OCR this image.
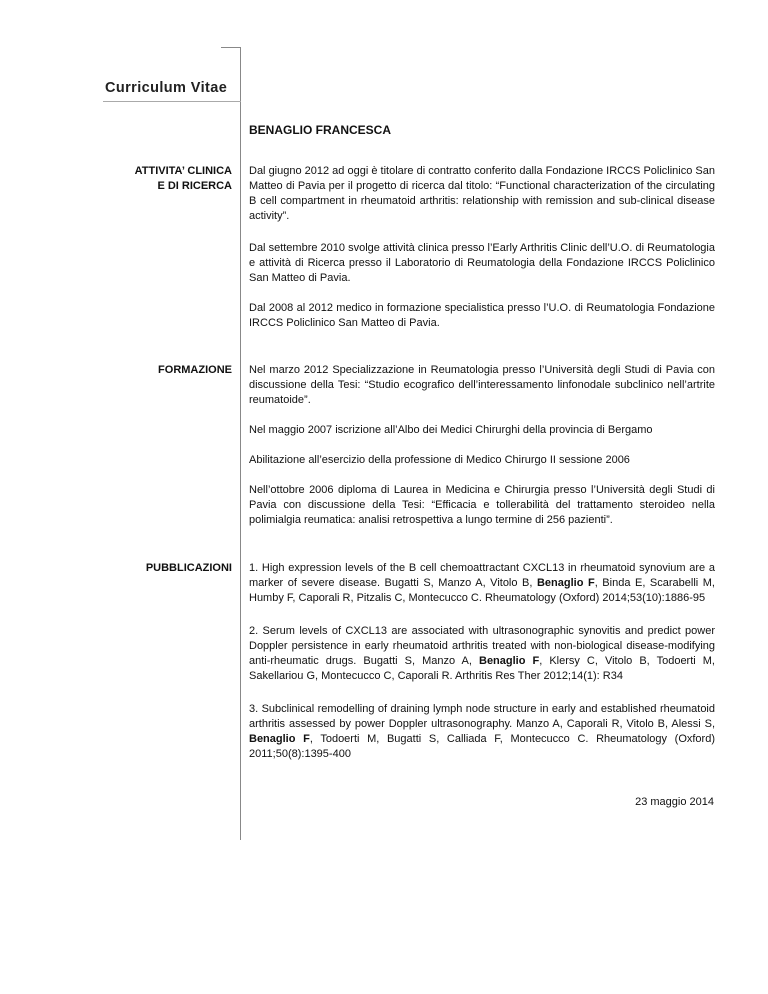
Curriculum Vitae
BENAGLIO FRANCESCA
ATTIVITA’ CLINICA
E DI RICERCA

Dal giugno 2012 ad oggi è titolare di contratto conferito dalla Fondazione IRCCS Policlinico San Matteo di Pavia per il progetto di ricerca dal titolo: “Functional characterization of the circulating B cell compartment in rheumatoid arthritis: relationship with remission and sub-clinical disease activity”.

Dal settembre 2010 svolge attività clinica presso l’Early Arthritis Clinic dell’U.O. di Reumatologia e attività di Ricerca presso il Laboratorio di Reumatologia della Fondazione IRCCS Policlinico San Matteo di Pavia.

Dal 2008 al 2012 medico in formazione specialistica presso l’U.O. di Reumatologia Fondazione IRCCS Policlinico San Matteo di Pavia.

FORMAZIONE Nel marzo 2012 Specializzazione in Reumatologia presso l’Università degli Studi di Pavia con discussione della Tesi: “Studio ecografico dell’interessamento linfonodale subclinico nell’artrite reumatoide”.

Nel maggio 2007 iscrizione all’Albo dei Medici Chirurghi della provincia di Bergamo

Abilitazione all’esercizio della professione di Medico Chirurgo II sessione 2006

Nell’ottobre 2006 diploma di Laurea in Medicina e Chirurgia presso l’Università degli Studi di Pavia con discussione della Tesi: “Efficacia e tollerabilità del trattamento steroideo nella polimialgia reumatica: analisi retrospettiva a lungo termine di 256 pazienti”.

PUBBLICAZIONI 1. High expression levels of the B cell chemoattractant CXCL13 in rheumatoid synovium are a marker of severe disease. Bugatti S, Manzo A, Vitolo B, Benaglio F, Binda E, Scarabelli M, Humby F, Caporali R, Pitzalis C, Montecucco C. Rheumatology (Oxford) 2014;53(10):1886-95

2. Serum levels of CXCL13 are associated with ultrasonographic synovitis and predict power Doppler persistence in early rheumatoid arthritis treated with non-biological disease-modifying anti-rheumatic drugs. Bugatti S, Manzo A, Benaglio F, Klersy C, Vitolo B, Todoerti M, Sakellariou G, Montecucco C, Caporali R. Arthritis Res Ther 2012;14(1): R34

3. Subclinical remodelling of draining lymph node structure in early and established rheumatoid arthritis assessed by power Doppler ultrasonography. Manzo A, Caporali R, Vitolo B, Alessi S, Benaglio F, Todoerti M, Bugatti S, Calliada F, Montecucco C. Rheumatology (Oxford) 2011;50(8):1395-400

23 maggio 2014
